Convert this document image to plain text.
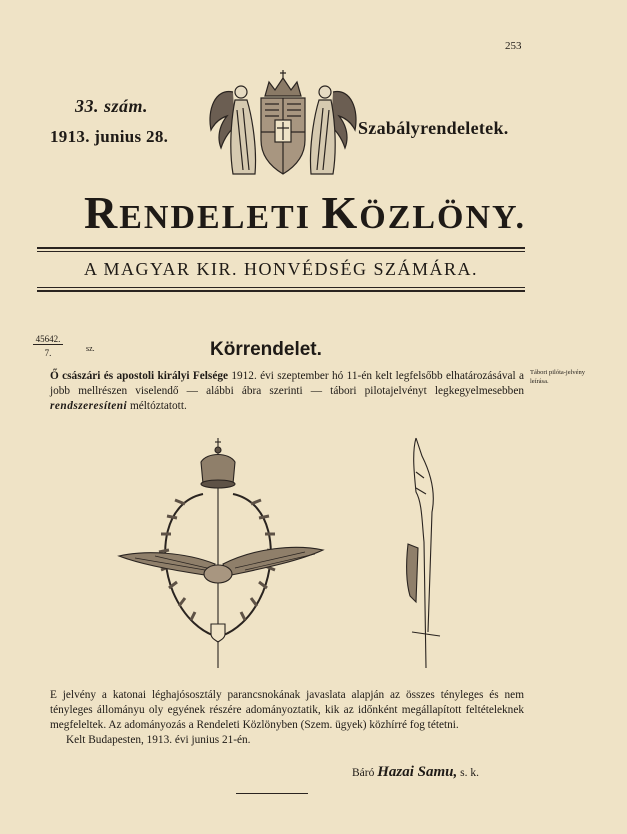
253
33. szám.
1913. junius 28.	Szabályrendeletek.
RENDELETI KÖZLÖNY.
A MAGYAR KIR. HONVÉDSÉG SZÁMÁRA.
45642.
7.	sz.	Körrendelet.
Ő császári és apostoli királyi Felsége 1912. évi szeptember hó 11-én kelt legfelsőbb elhatározásával a jobb mellrészen viselendő — alábbi ábra szerinti — tábori pilotajelvényt legkegyelmesebben rendszeresíteni méltóztatott.
Tábori pilóta-jelvény leírása.
E jelvény a katonai léghajósosztály parancsnokának javaslata alapján az összes tényleges és nem tényleges állományu oly egyének részére adományoztatik, kik az időnként megállapított feltételeknek megfeleltek. Az adományozás a Rendeleti Közlönyben (Szem. ügyek) közhírré fog tétetni.
Kelt Budapesten, 1913. évi junius 21-én.
Báró Hazai Samu, s. k.
